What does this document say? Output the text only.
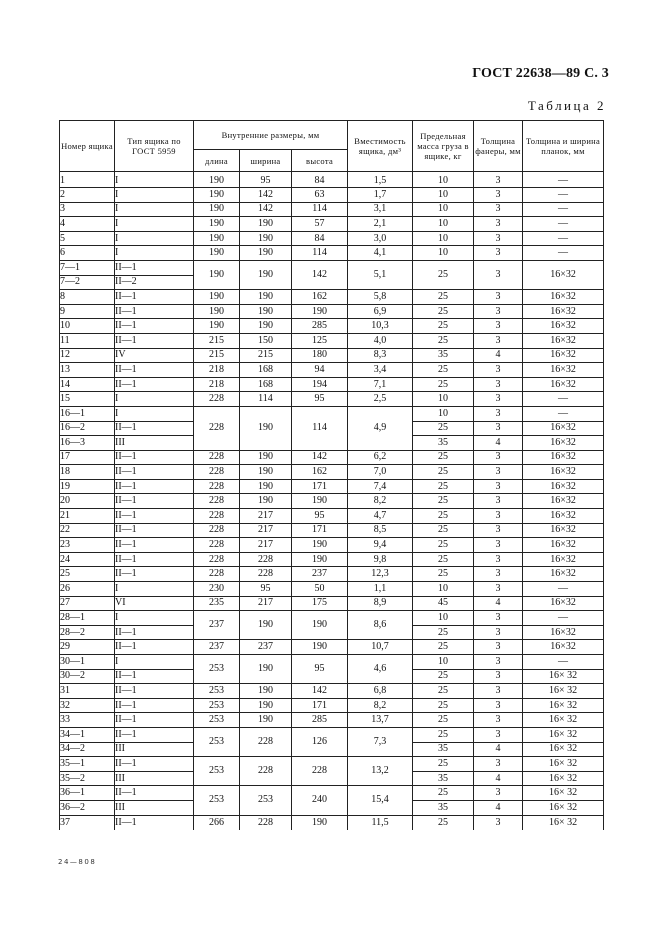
ГОСТ 22638—89 С. 3
Таблица 2
Номер ящика	Тип ящика по ГОСТ 5959	Внутренние размеры, мм			Вместимость ящика, дм³	Предельная масса груза в ящике, кг	Толщина фанеры, мм	Толщина и ширина планок, мм
		длина	ширина	высота				
1	I	190	95	84	1,5	10	3	—
2	I	190	142	63	1,7	10	3	—
3	I	190	142	114	3,1	10	3	—
4	I	190	190	57	2,1	10	3	—
5	I	190	190	84	3,0	10	3	—
6	I	190	190	114	4,1	10	3	—
7—1	II—1	190	190	142	5,1	25	3	16×32
7—2	II—2							
8	II—1	190	190	162	5,8	25	3	16×32
9	II—1	190	190	190	6,9	25	3	16×32
10	II—1	190	190	285	10,3	25	3	16×32
11	II—1	215	150	125	4,0	25	3	16×32
12	IV	215	215	180	8,3	35	4	16×32
13	II—1	218	168	94	3,4	25	3	16×32
14	II—1	218	168	194	7,1	25	3	16×32
15	I	228	114	95	2,5	10	3	—
16—1	I	228	190	114	4,9	10	3	—
16—2	II—1					25	3	16×32
16—3	III					35	4	16×32
17	II—1	228	190	142	6,2	25	3	16×32
18	II—1	228	190	162	7,0	25	3	16×32
19	II—1	228	190	171	7,4	25	3	16×32
20	II—1	228	190	190	8,2	25	3	16×32
21	II—1	228	217	95	4,7	25	3	16×32
22	II—1	228	217	171	8,5	25	3	16×32
23	II—1	228	217	190	9,4	25	3	16×32
24	II—1	228	228	190	9,8	25	3	16×32
25	II—1	228	228	237	12,3	25	3	16×32
26	I	230	95	50	1,1	10	3	—
27	VI	235	217	175	8,9	45	4	16×32
28—1	I	237	190	190	8,6	10	3	—
28—2	II—1					25	3	16×32
29	II—1	237	237	190	10,7	25	3	16×32
30—1	I	253	190	95	4,6	10	3	—
30—2	II—1					25	3	16× 32
31	II—1	253	190	142	6,8	25	3	16× 32
32	II—1	253	190	171	8,2	25	3	16× 32
33	II—1	253	190	285	13,7	25	3	16× 32
34—1	II—1	253	228	126	7,3	25	3	16× 32
34—2	III					35	4	16× 32
35—1	II—1	253	228	228	13,2	25	3	16× 32
35—2	III					35	4	16× 32
36—1	II—1	253	253	240	15,4	25	3	16× 32
36—2	III					35	4	16× 32
37	II—1	266	228	190	11,5	25	3	16× 32
24—808
